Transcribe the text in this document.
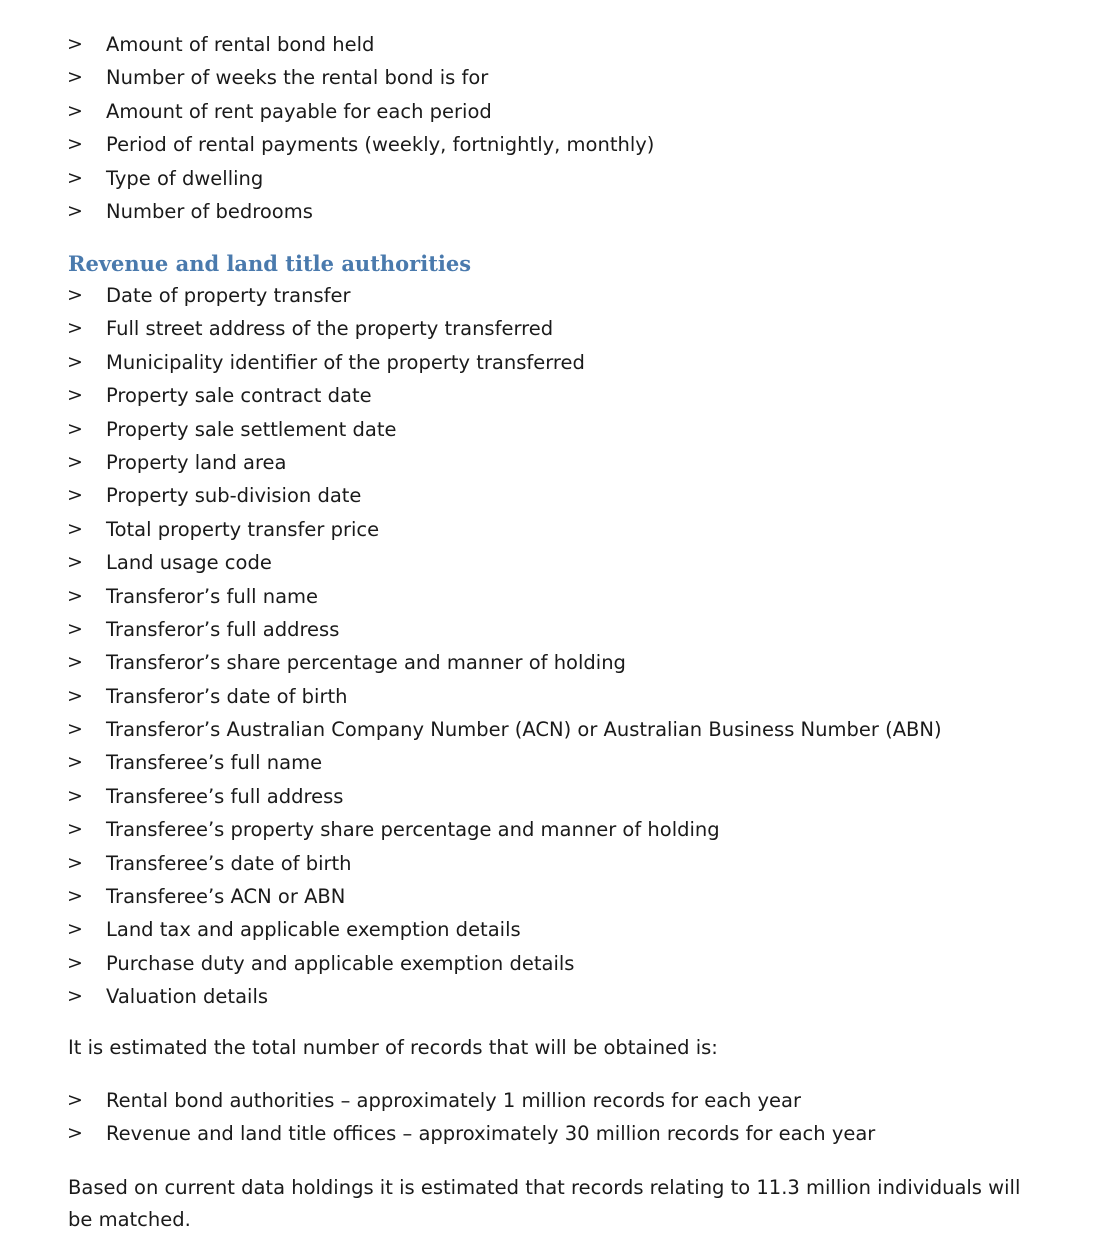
> Amount of rental bond held
> Number of weeks the rental bond is for
> Amount of rent payable for each period
> Period of rental payments (weekly, fortnightly, monthly)
> Type of dwelling
> Number of bedrooms
Revenue and land title authorities
> Date of property transfer
> Full street address of the property transferred
> Municipality identifier of the property transferred
> Property sale contract date
> Property sale settlement date
> Property land area
> Property sub-division date
> Total property transfer price
> Land usage code
> Transferor’s full name
> Transferor’s full address
> Transferor’s share percentage and manner of holding
> Transferor’s date of birth
> Transferor’s Australian Company Number (ACN) or Australian Business Number (ABN)
> Transferee’s full name
> Transferee’s full address
> Transferee’s property share percentage and manner of holding
> Transferee’s date of birth
> Transferee’s ACN or ABN
> Land tax and applicable exemption details
> Purchase duty and applicable exemption details
> Valuation details

It is estimated the total number of records that will be obtained is:

> Rental bond authorities – approximately 1 million records for each year
> Revenue and land title offices – approximately 30 million records for each year

Based on current data holdings it is estimated that records relating to 11.3 million individuals will be matched.
